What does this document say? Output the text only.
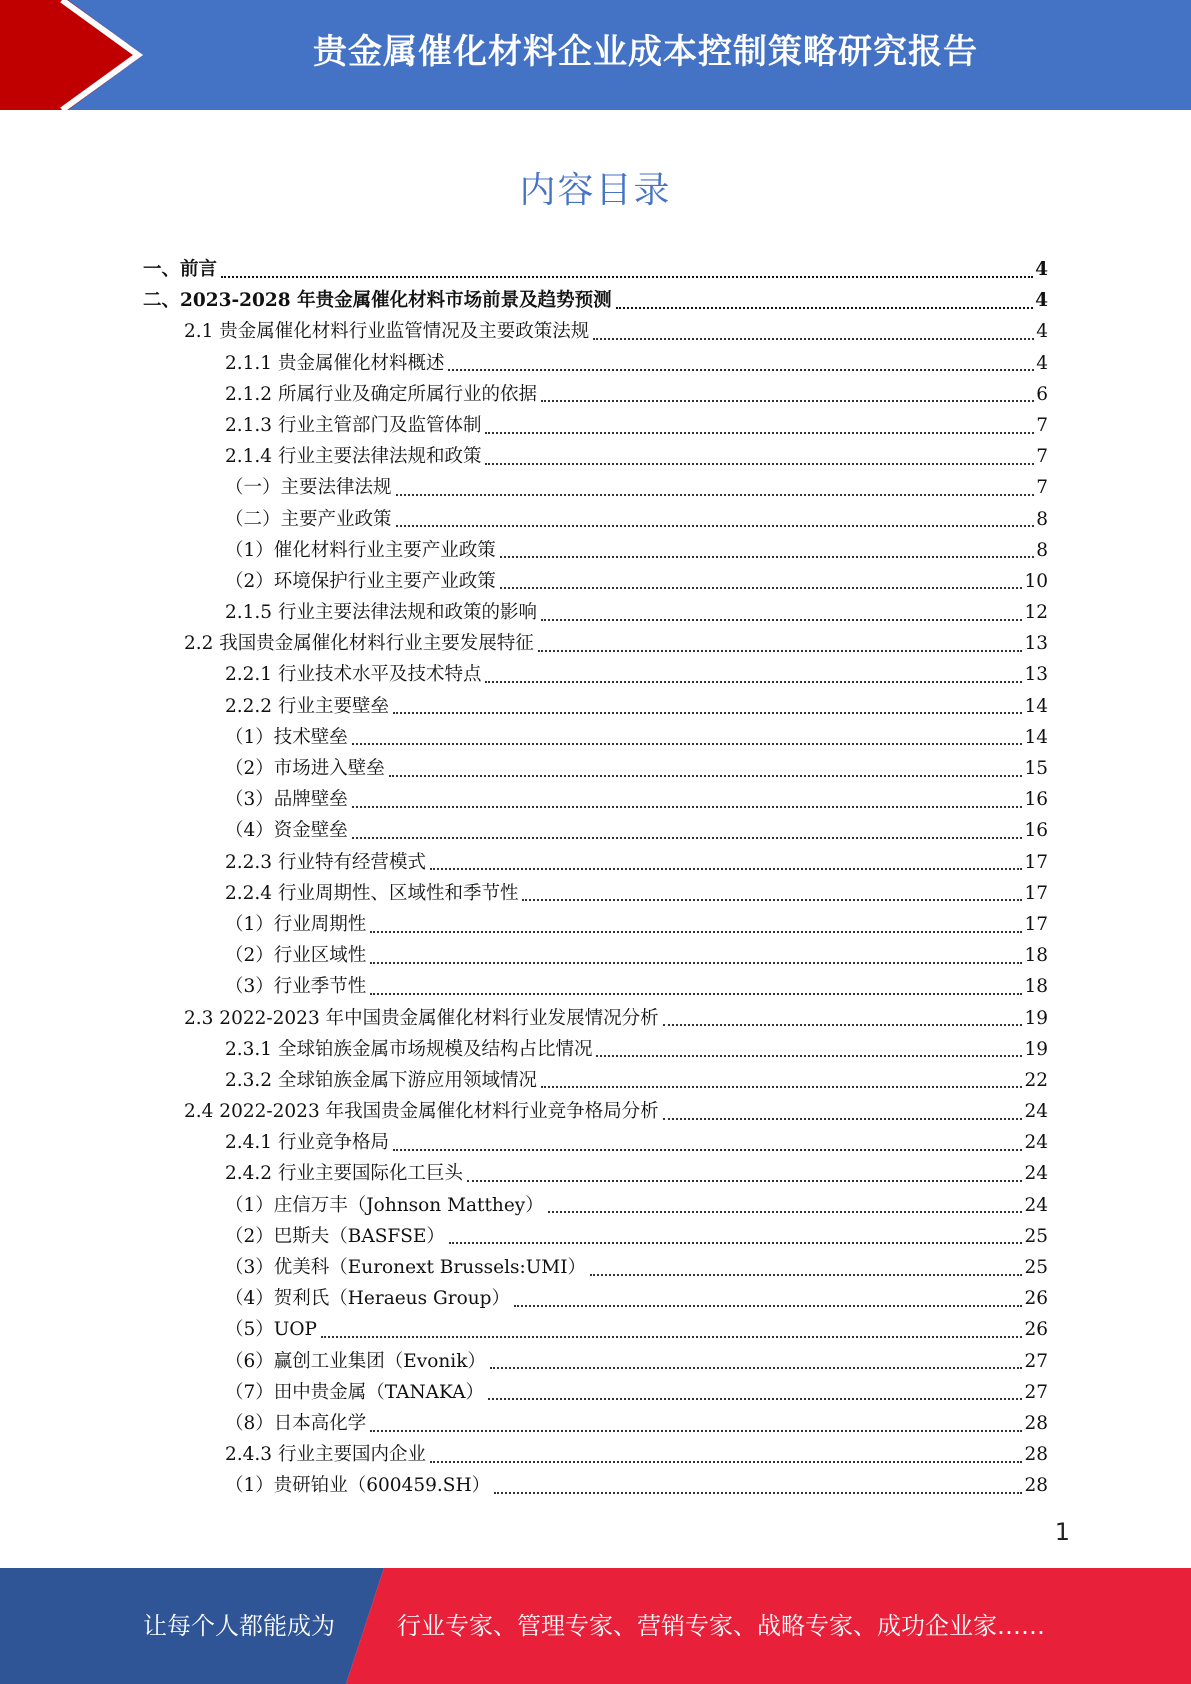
贵金属催化材料企业成本控制策略研究报告
内容目录
一、前言	4
二、2023-2028 年贵金属催化材料市场前景及趋势预测	4
2.1 贵金属催化材料行业监管情况及主要政策法规	4
2.1.1 贵金属催化材料概述	4
2.1.2 所属行业及确定所属行业的依据	6
2.1.3 行业主管部门及监管体制	7
2.1.4 行业主要法律法规和政策	7
（一）主要法律法规	7
（二）主要产业政策	8
（1）催化材料行业主要产业政策	8
（2）环境保护行业主要产业政策	10
2.1.5 行业主要法律法规和政策的影响	12
2.2 我国贵金属催化材料行业主要发展特征	13
2.2.1 行业技术水平及技术特点	13
2.2.2 行业主要壁垒	14
（1）技术壁垒	14
（2）市场进入壁垒	15
（3）品牌壁垒	16
（4）资金壁垒	16
2.2.3 行业特有经营模式	17
2.2.4 行业周期性、区域性和季节性	17
（1）行业周期性	17
（2）行业区域性	18
（3）行业季节性	18
2.3 2022-2023 年中国贵金属催化材料行业发展情况分析	19
2.3.1 全球铂族金属市场规模及结构占比情况	19
2.3.2 全球铂族金属下游应用领域情况	22
2.4 2022-2023 年我国贵金属催化材料行业竞争格局分析	24
2.4.1 行业竞争格局	24
2.4.2 行业主要国际化工巨头	24
（1）庄信万丰（Johnson Matthey）	24
（2）巴斯夫（BASFSE）	25
（3）优美科（Euronext Brussels:UMI）	25
（4）贺利氏（Heraeus Group）	26
（5）UOP	26
（6）赢创工业集团（Evonik）	27
（7）田中贵金属（TANAKA）	27
（8）日本高化学	28
2.4.3 行业主要国内企业	28
（1）贵研铂业（600459.SH）	28
1
让每个人都能成为	行业专家、管理专家、营销专家、战略专家、成功企业家……
